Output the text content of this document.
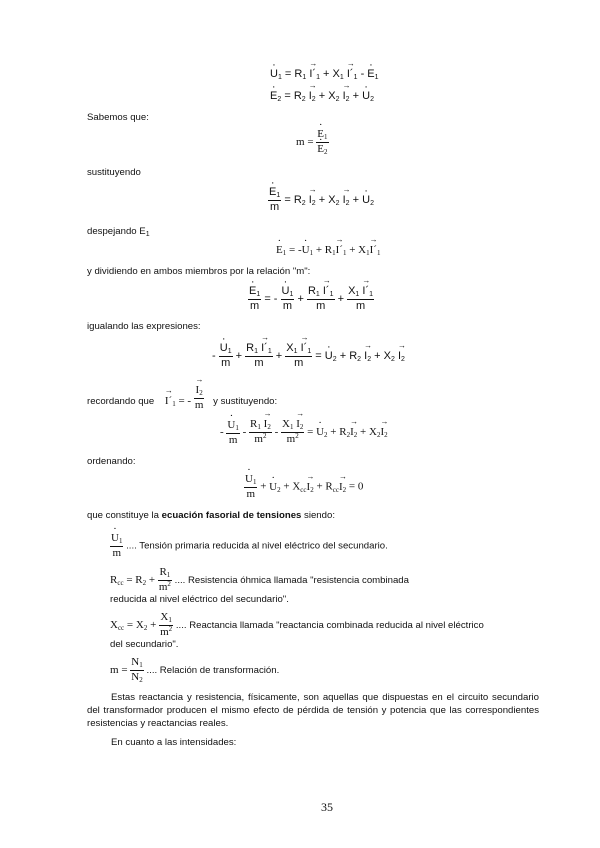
· U1 = R1 → I´1 + X1 → I´1 - · E1
· E2 = R2 → I2 + X2 → I2 + · U2
Sabemos que:
m = · E1
· E2
sustituyendo
· $\frac{E1}{m} = R2 \to I2 + X2 \to I2$ + · U2
despejando $E_1$
· E1 = -· U1 + R1→ I´1 + X1→ I´1
y dividiendo en ambos miembros por la relación "m":
· $\frac{E1}{m}$ = - · $\frac{U1}{m} + \frac{R1 \to I´1}{m} + \frac{X1 \to I´1}{m}$
igualando las expresiones:
- · $\frac{U1}{m} + \frac{R1 \to I´1}{m} + \frac{X1 \to I´1}{m}$ = · U2 + R2 → I2 + X2 → I2
recordando que → I´1 = - → $\frac{I2}{m}$ y sustituyendo:
- · $\frac{U1}{m} - \frac{R1 \to I2}{m^2} - \frac{X1 \to I2}{m^2}$ = · U2 + R2→ I2 + X2→ I2
ordenando:
· $\frac{U1}{m}$ + · U2 + Xcc→ I2 + Rcc→ I2 = 0
que constituye la ecuación fasorial de tensiones siendo:
· $\frac{U1}{m}$ .... Tensión primaria reducida al nivel eléctrico del secundario.
Rcc = $R2 + \frac{R1}{m^2}$ .... Resistencia óhmica llamada "resistencia combinada
reducida al nivel eléctrico del secundario".
Xcc = $X2 + \frac{X1}{m^2}$ .... Reactancia llamada "reactancia combinada reducida al nivel eléctrico
del secundario".
$m = \frac{N1}{N2}$ .... Relación de transformación.
Estas reactancia y resistencia, físicamente, son aquellas que dispuestas en el circuito secundario del transformador producen el mismo efecto de pérdida de tensión y potencia que las correspondientes resistencias y reactancias reales.
En cuanto a las intensidades:
35
